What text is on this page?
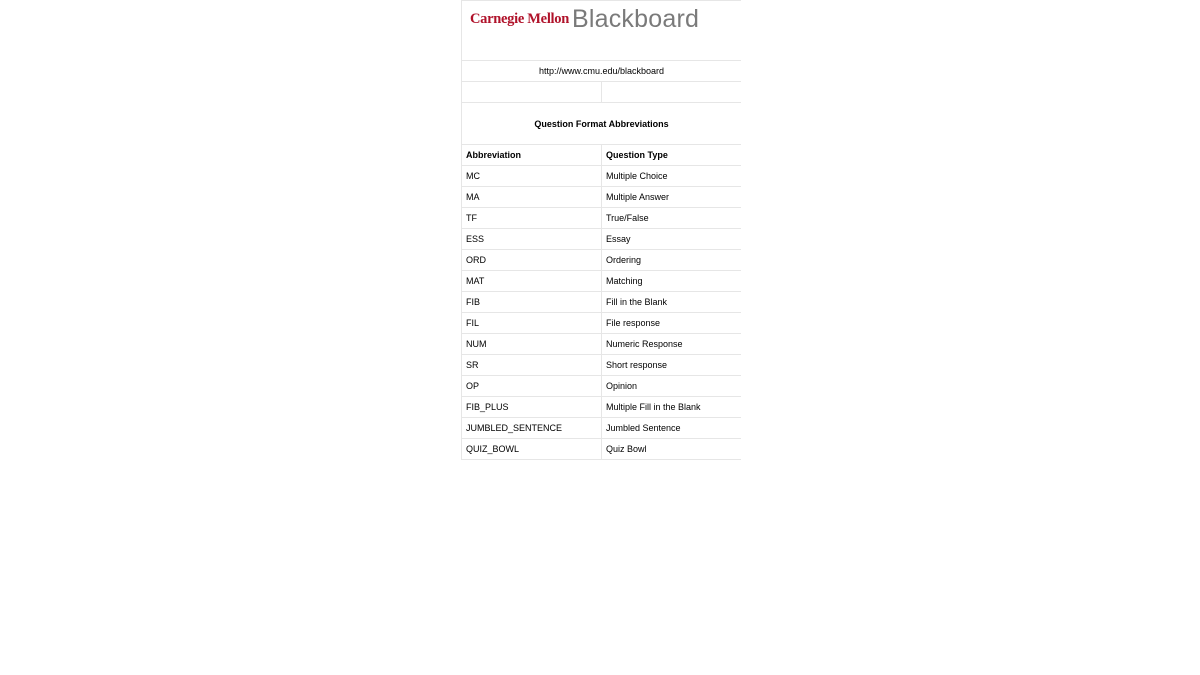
Carnegie Mellon Blackboard
http://www.cmu.edu/blackboard
Question Format Abbreviations
Abbreviation	Question Type
MC	Multiple Choice
MA	Multiple Answer
TF	True/False
ESS	Essay
ORD	Ordering
MAT	Matching
FIB	Fill in the Blank
FIL	File response
NUM	Numeric Response
SR	Short response
OP	Opinion
FIB_PLUS	Multiple Fill in the Blank
JUMBLED_SENTENCE	Jumbled Sentence
QUIZ_BOWL	Quiz Bowl
